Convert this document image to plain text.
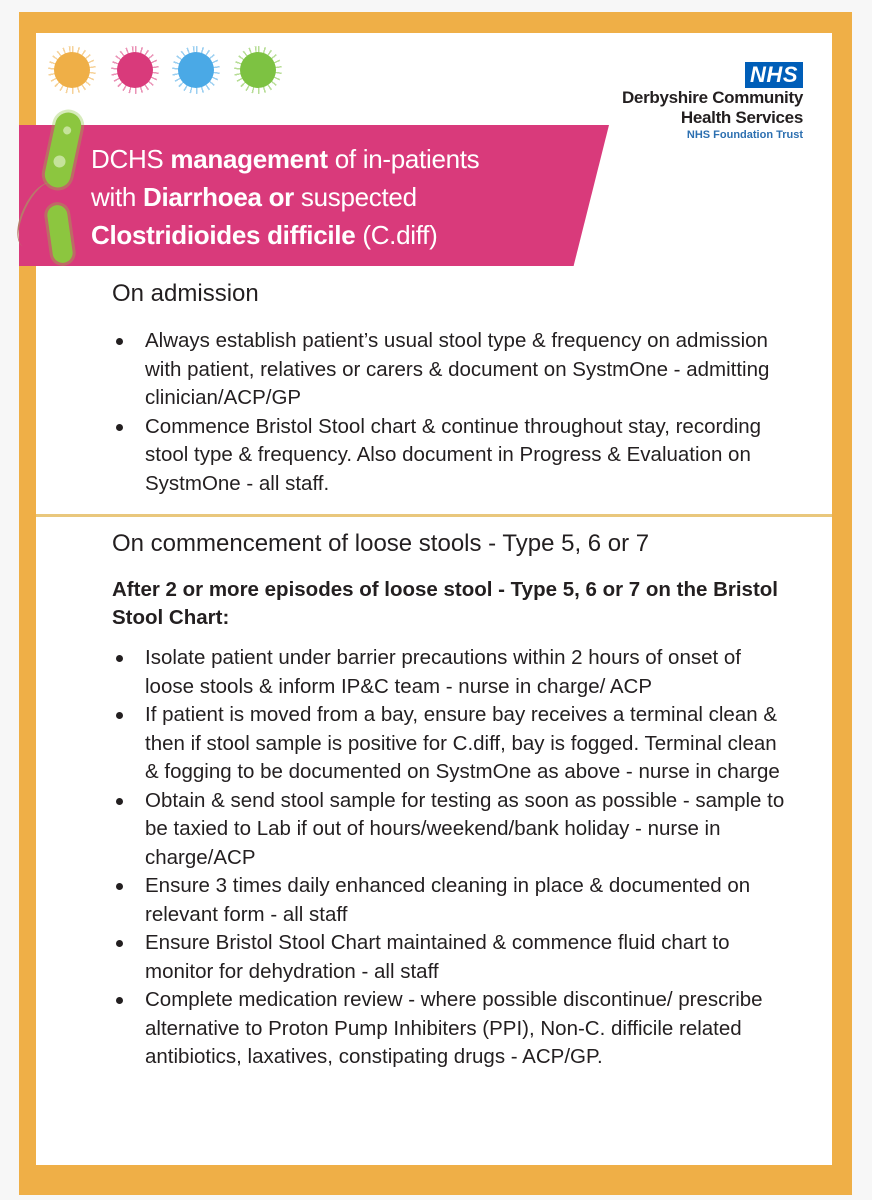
NHS
Derbyshire Community
Health Services
NHS Foundation Trust
DCHS management of in-patients
with Diarrhoea or suspected
Clostridioides difficile (C.diff)
On admission
Always establish patient’s usual stool type & frequency on admission with patient, relatives or carers & document on SystmOne - admitting clinician/ACP/GP
Commence Bristol Stool chart & continue throughout stay, recording stool type & frequency. Also document in Progress & Evaluation on SystmOne - all staff.
On commencement of loose stools - Type 5, 6 or 7
After 2 or more episodes of loose stool - Type 5, 6 or 7 on the Bristol Stool Chart:
Isolate patient under barrier precautions within 2 hours of onset of loose stools & inform IP&C team - nurse in charge/ ACP
If patient is moved from a bay, ensure bay receives a terminal clean & then if stool sample is positive for C.diff, bay is fogged. Terminal clean & fogging to be documented on SystmOne as above - nurse in charge
Obtain & send stool sample for testing as soon as possible - sample to be taxied to Lab if out of hours/weekend/bank holiday - nurse in charge/ACP
Ensure 3 times daily enhanced cleaning in place & documented on relevant form - all staff
Ensure Bristol Stool Chart maintained & commence fluid chart to monitor for dehydration - all staff
Complete medication review - where possible discontinue/ prescribe alternative to Proton Pump Inhibiters (PPI), Non-C. difficile related antibiotics, laxatives, constipating drugs - ACP/GP.
